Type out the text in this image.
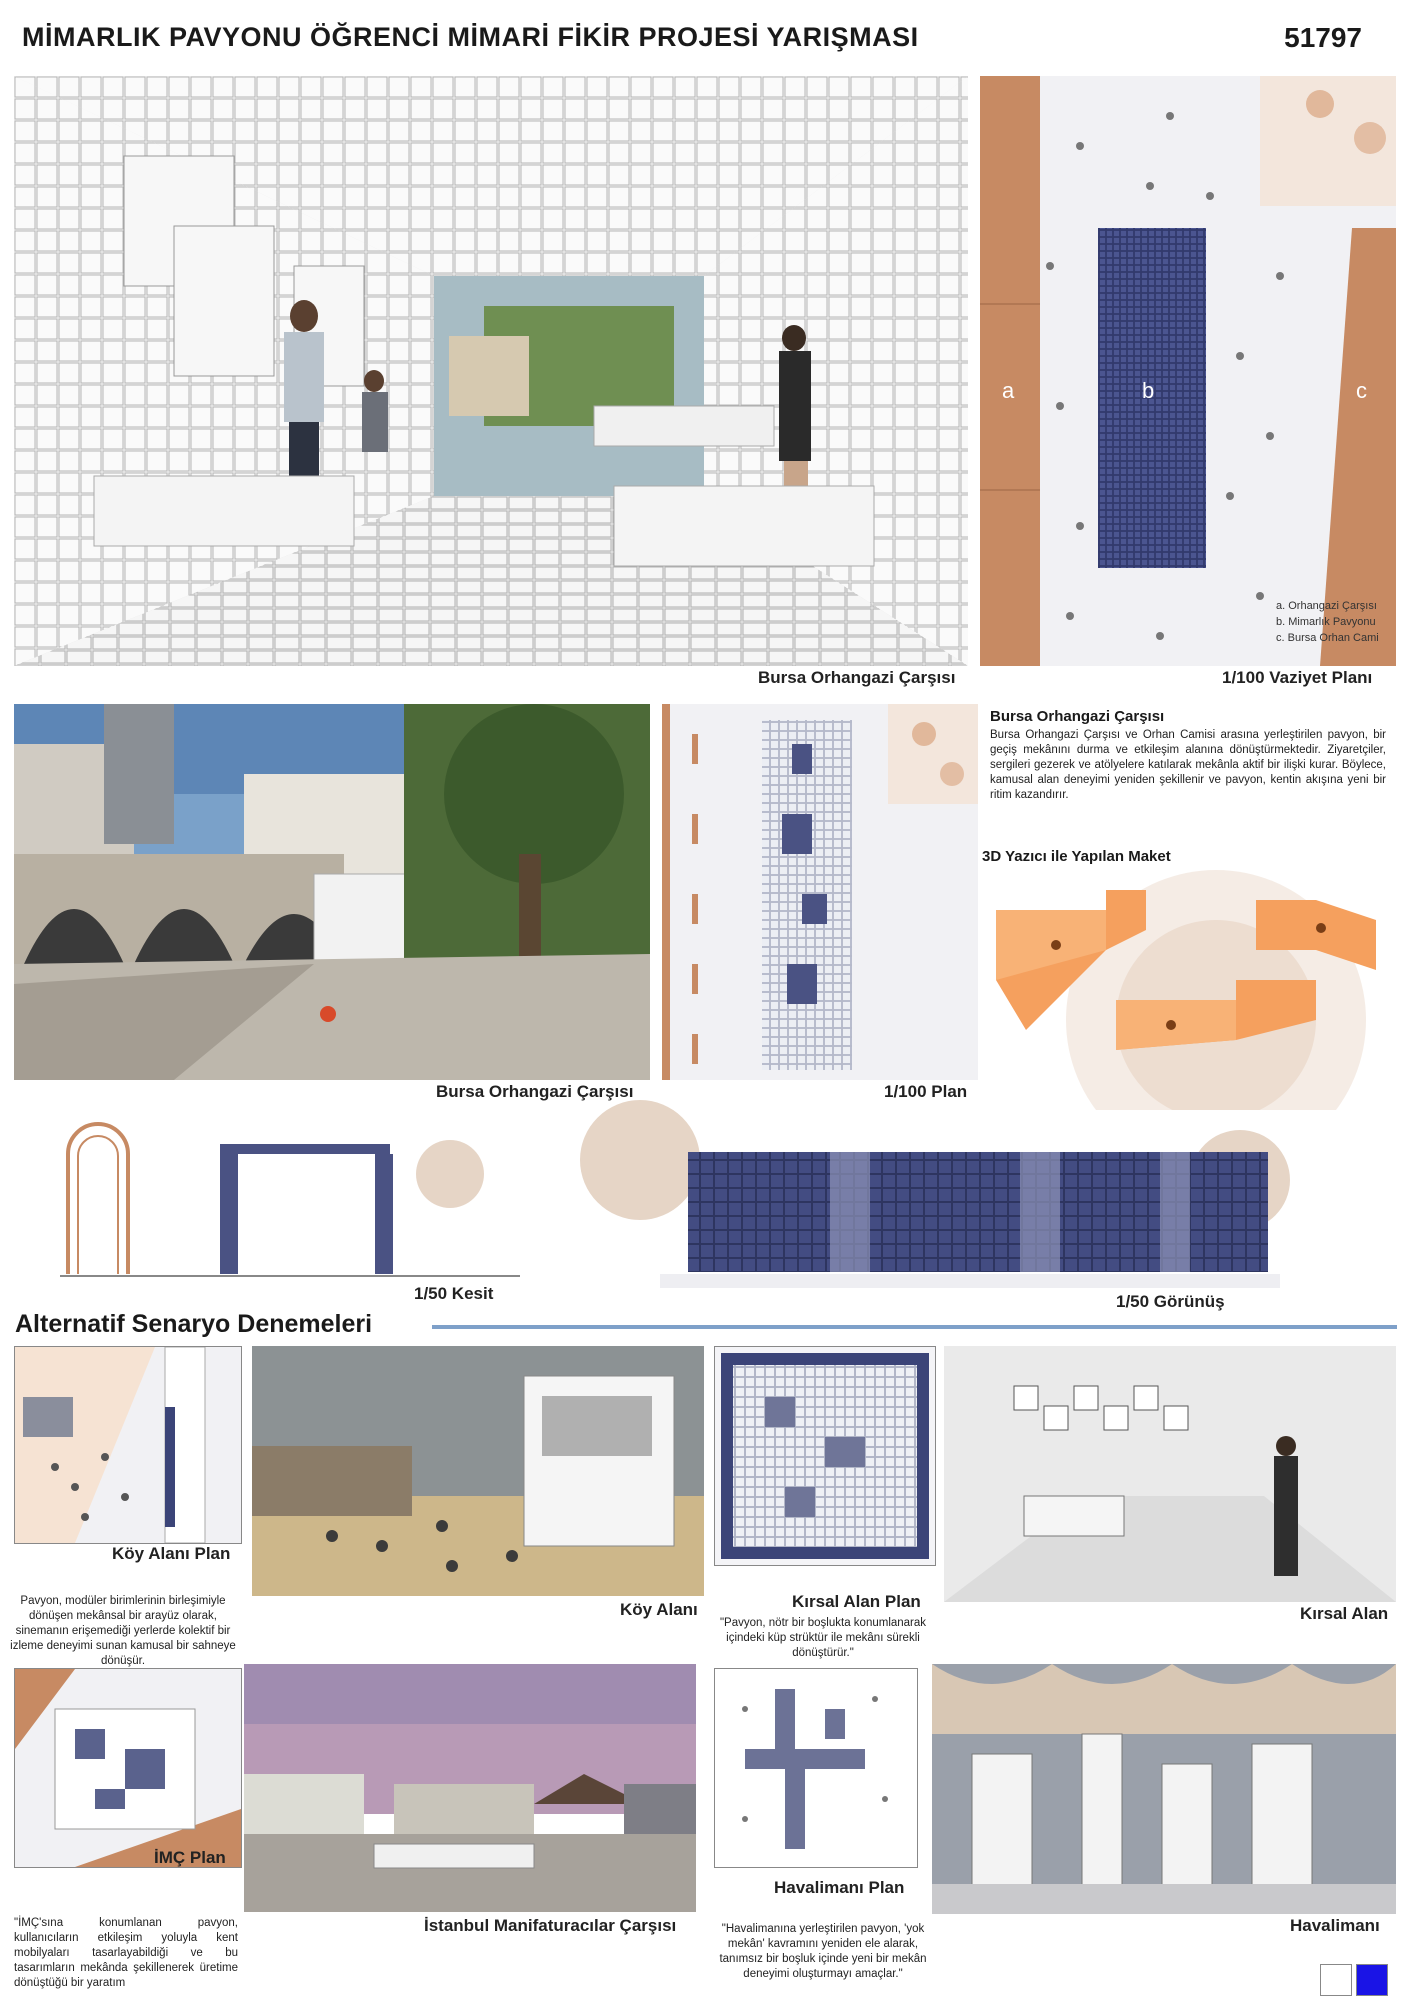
MİMARLIK PAVYONU ÖĞRENCİ MİMARİ FİKİR PROJESİ YARIŞMASI	51797
Bursa Orhangazi Çarşısı
a	b	c
a. Orhangazi Çarşısı
b. Mimarlık Pavyonu
c. Bursa Orhan Cami
1/100 Vaziyet Planı
Bursa Orhangazi Çarşısı	1/100 Plan
Bursa Orhangazi Çarşısı
Bursa Orhangazi Çarşısı ve Orhan Camisi arasına yerleştirilen pavyon, bir geçiş mekânını durma ve etkileşim alanına dönüştürmektedir. Ziyaretçiler, sergileri gezerek ve atölyelere katılarak mekânla aktif bir ilişki kurar. Böylece, kamusal alan deneyimi yeniden şekillenir ve pavyon, kentin akışına yeni bir ritim kazandırır.
3D Yazıcı ile Yapılan Maket
1/50 Kesit	1/50 Görünüş
Alternatif Senaryo Denemeleri
Köy Alanı Plan
Pavyon, modüler birimlerinin birleşimiyle dönüşen mekânsal bir arayüz olarak, sinemanın erişemediği yerlerde kolektif bir izleme deneyimi sunan kamusal bir sahneye dönüşür.
Köy Alanı	Kırsal Alan Plan
"Pavyon, nötr bir boşlukta konumlanarak içindeki küp strüktür ile mekânı sürekli dönüştürür."
Kırsal Alan
İMÇ Plan
"İMÇ'sına konumlanan pavyon, kullanıcıların etkileşim yoluyla kent mobilyaları tasarlayabildiği ve bu tasarımların mekânda şekillenerek üretime dönüştüğü bir yaratım
İstanbul Manifaturacılar Çarşısı
Havalimanı Plan
"Havalimanına yerleştirilen pavyon, 'yok mekân' kavramını yeniden ele alarak, tanımsız bir boşluk içinde yeni bir mekân deneyimi oluşturmayı amaçlar."
Havalimanı
